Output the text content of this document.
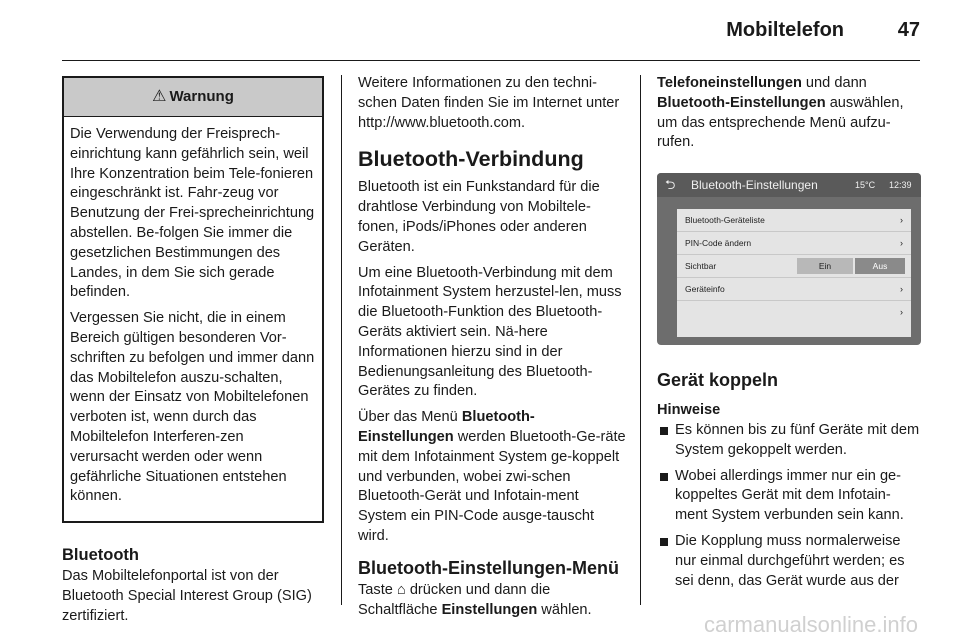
Mobiltelefon	47
⚠ Warnung

Die Verwendung der Freisprech-einrichtung kann gefährlich sein, weil Ihre Konzentration beim Tele-fonieren eingeschränkt ist. Fahr-zeug vor Benutzung der Frei-sprecheinrichtung abstellen. Be-folgen Sie immer die gesetzlichen Bestimmungen des Landes, in dem Sie sich gerade befinden.

Vergessen Sie nicht, die in einem Bereich gültigen besonderen Vor-schriften zu befolgen und immer dann das Mobiltelefon auszu-schalten, wenn der Einsatz von Mobiltelefonen verboten ist, wenn durch das Mobiltelefon Interferen-zen verursacht werden oder wenn gefährliche Situationen entstehen können.

Bluetooth

Das Mobiltelefonportal ist von der Bluetooth Special Interest Group (SIG) zertifiziert.

Weitere Informationen zu den techni-schen Daten finden Sie im Internet unter http://www.bluetooth.com.

Bluetooth-Verbindung

Bluetooth ist ein Funkstandard für die drahtlose Verbindung von Mobiltele-fonen, iPods/iPhones oder anderen Geräten.

Um eine Bluetooth-Verbindung mit dem Infotainment System herzustel-len, muss die Bluetooth-Funktion des Bluetooth-Geräts aktiviert sein. Nä-here Informationen hierzu sind in der Bedienungsanleitung des Bluetooth-Gerätes zu finden.

Über das Menü Bluetooth-Einstellungen werden Bluetooth-Ge-räte mit dem Infotainment System ge-koppelt und verbunden, wobei zwi-schen Bluetooth-Gerät und Infotain-ment System ein PIN-Code ausge-tauscht wird.

Bluetooth-Einstellungen-Menü

Taste ⌂ drücken und dann die Schaltfläche Einstellungen wählen.

Telefoneinstellungen und dann Bluetooth-Einstellungen auswählen, um das entsprechende Menü aufzu-rufen.

⮌ Bluetooth-Einstellungen	15°C 12:39
Bluetooth-Geräteliste	›
PIN-Code ändern	›
Sichtbar	Ein	Aus
Geräteinfo	›
›
Gerät koppeln
Hinweise
Es können bis zu fünf Geräte mit dem System gekoppelt werden.
Wobei allerdings immer nur ein ge-koppeltes Gerät mit dem Infotain-ment System verbunden sein kann.
Die Kopplung muss normalerweise nur einmal durchgeführt werden; es sei denn, das Gerät wurde aus der
carmanualsonline.info
